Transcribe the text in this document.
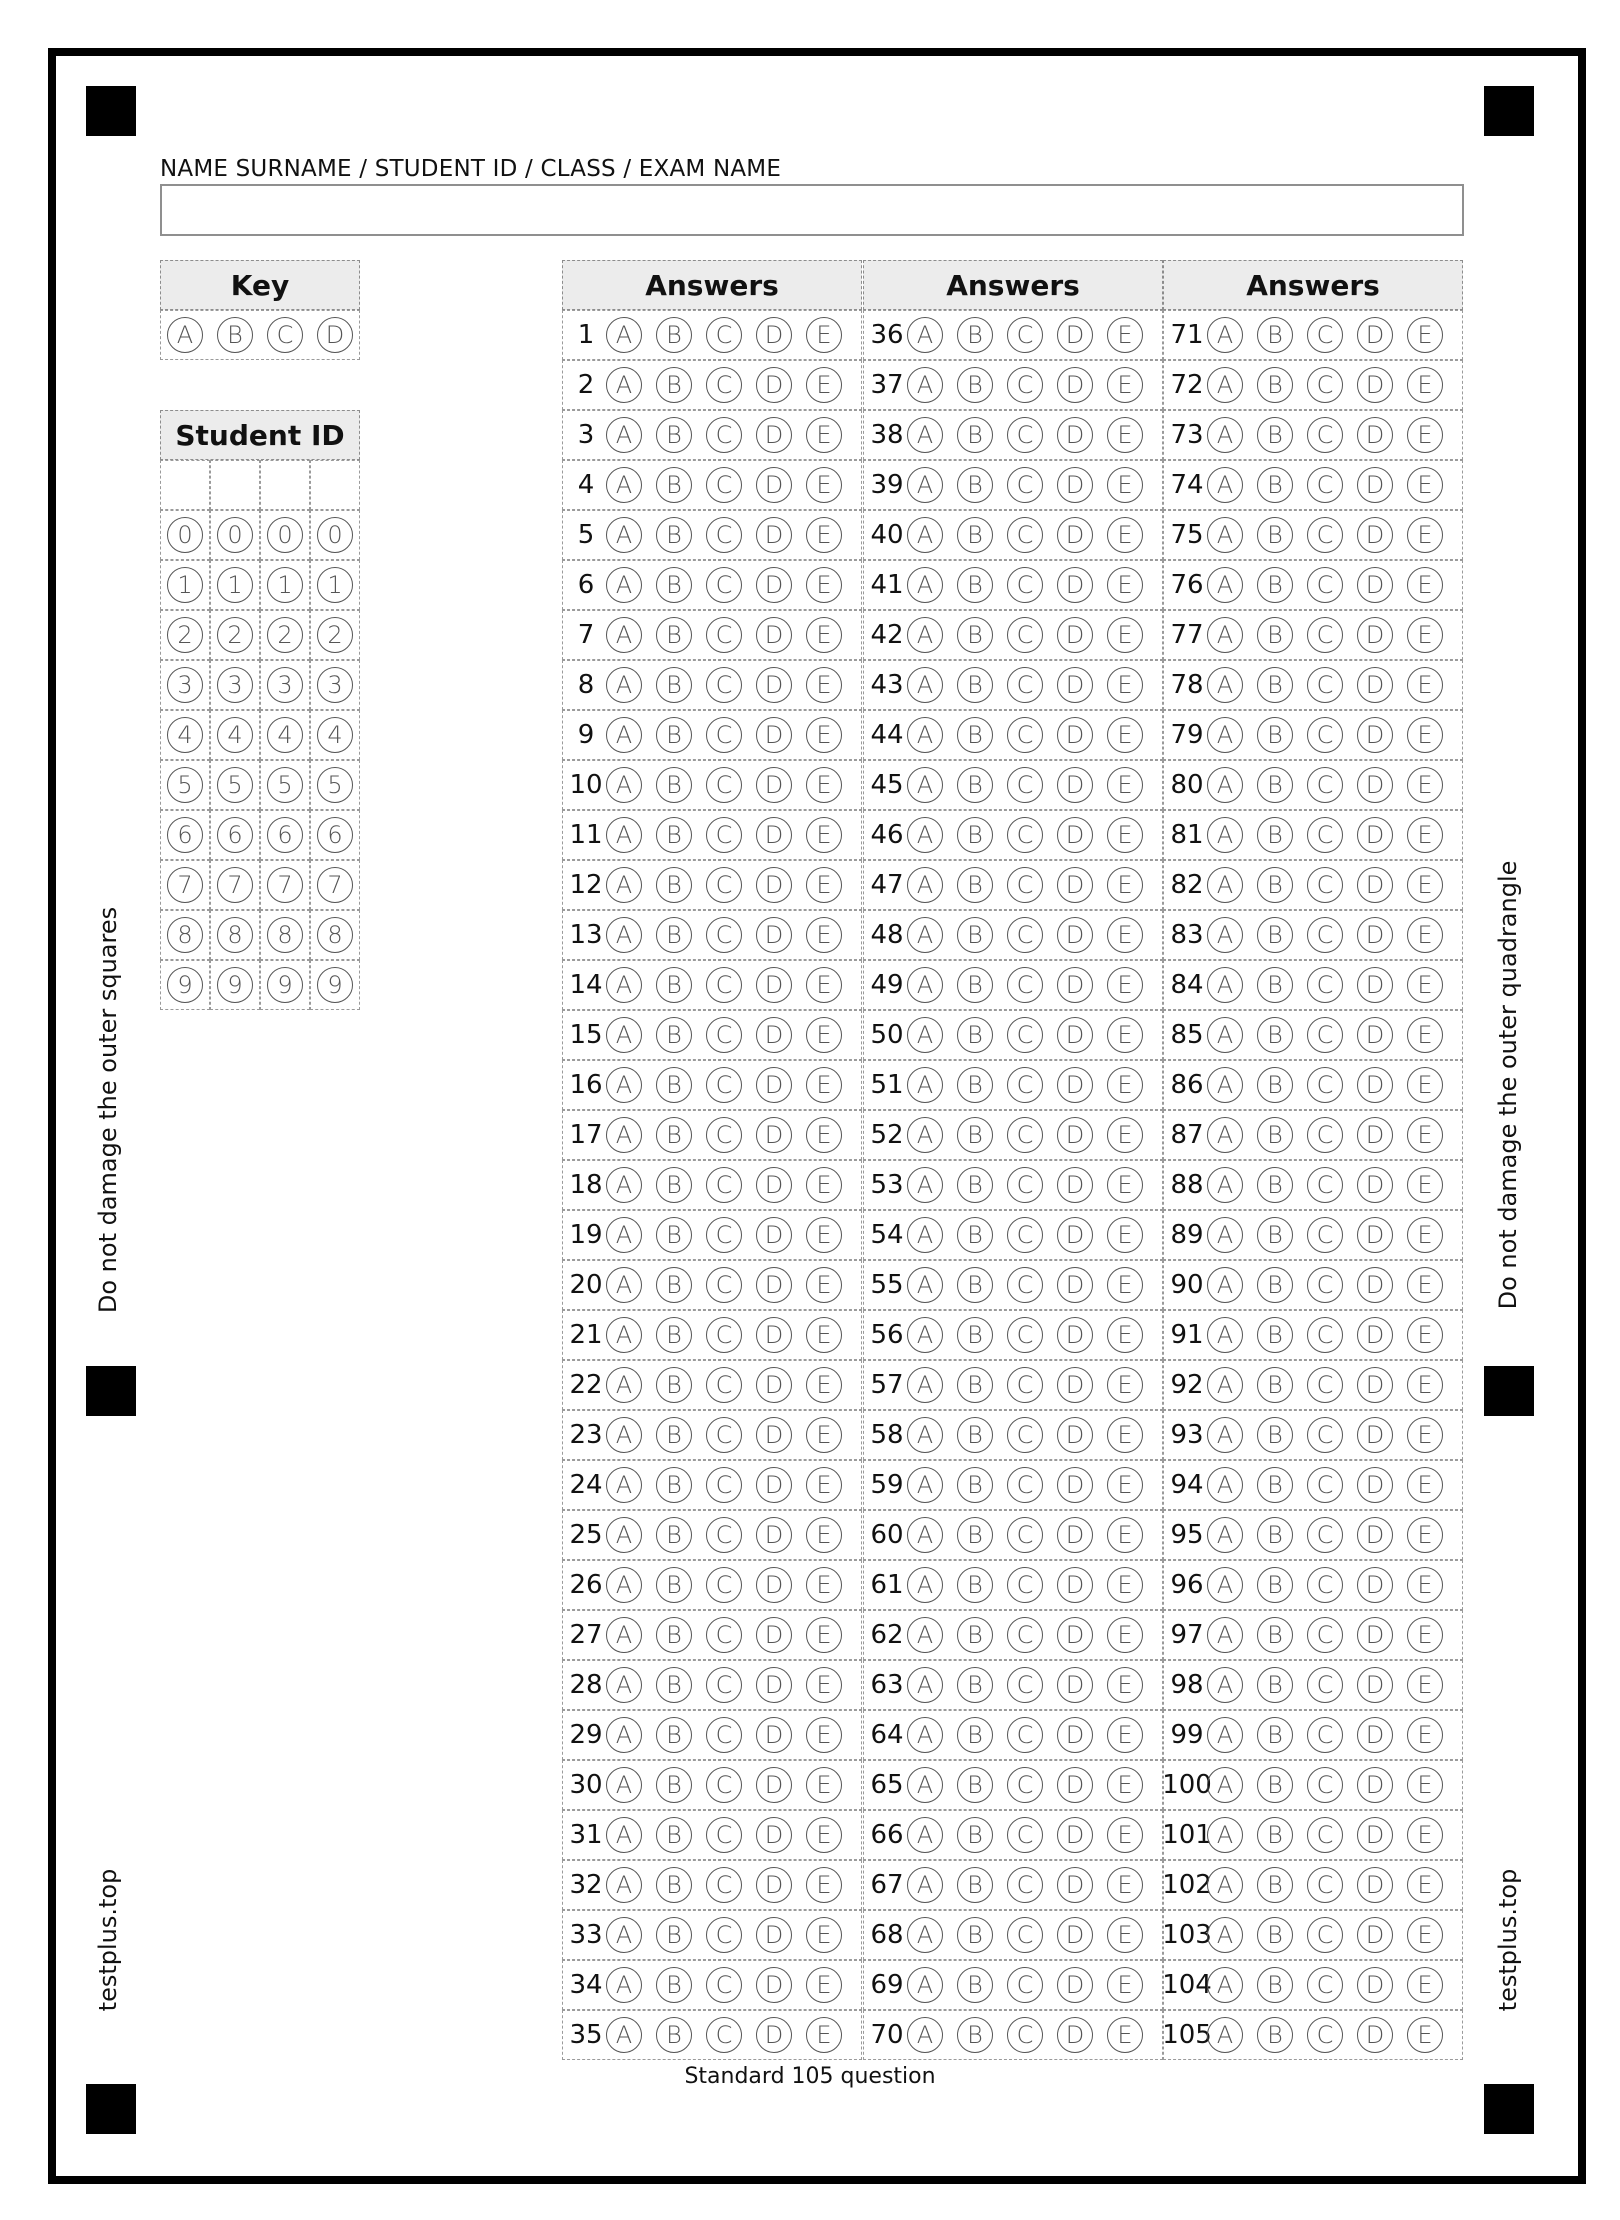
Do not damage the outer squares	Do not damage the outer quadrangle
testplus.top	testplus.top
NAME SURNAME / STUDENT ID / CLASS / EXAM NAME
Key
A	B	C	D
Student ID
0	0	0	0
1	1	1	1
2	2	2	2
3	3	3	3
4	4	4	4
5	5	5	5
6	6	6	6
7	7	7	7
8	8	8	8
9	9	9	9
Answers
1 A	B	C	D	E
2 A	B	C	D	E
3 A	B	C	D	E
4 A	B	C	D	E
5 A	B	C	D	E
6 A	B	C	D	E
7 A	B	C	D	E
8 A	B	C	D	E
9 A	B	C	D	E
10 A	B	C	D	E
11 A	B	C	D	E
12 A	B	C	D	E
13 A	B	C	D	E
14 A	B	C	D	E
15 A	B	C	D	E
16 A	B	C	D	E
17 A	B	C	D	E
18 A	B	C	D	E
19 A	B	C	D	E
20 A	B	C	D	E
21 A	B	C	D	E
22 A	B	C	D	E
23 A	B	C	D	E
24 A	B	C	D	E
25 A	B	C	D	E
26 A	B	C	D	E
27 A	B	C	D	E
28 A	B	C	D	E
29 A	B	C	D	E
30 A	B	C	D	E
31 A	B	C	D	E
32 A	B	C	D	E
33 A	B	C	D	E
34 A	B	C	D	E
35 A	B	C	D	E
Answers
36 A	B	C	D	E
37 A	B	C	D	E
38 A	B	C	D	E
39 A	B	C	D	E
40 A	B	C	D	E
41 A	B	C	D	E
42 A	B	C	D	E
43 A	B	C	D	E
44 A	B	C	D	E
45 A	B	C	D	E
46 A	B	C	D	E
47 A	B	C	D	E
48 A	B	C	D	E
49 A	B	C	D	E
50 A	B	C	D	E
51 A	B	C	D	E
52 A	B	C	D	E
53 A	B	C	D	E
54 A	B	C	D	E
55 A	B	C	D	E
56 A	B	C	D	E
57 A	B	C	D	E
58 A	B	C	D	E
59 A	B	C	D	E
60 A	B	C	D	E
61 A	B	C	D	E
62 A	B	C	D	E
63 A	B	C	D	E
64 A	B	C	D	E
65 A	B	C	D	E
66 A	B	C	D	E
67 A	B	C	D	E
68 A	B	C	D	E
69 A	B	C	D	E
70 A	B	C	D	E
Answers
71 A	B	C	D	E
72 A	B	C	D	E
73 A	B	C	D	E
74 A	B	C	D	E
75 A	B	C	D	E
76 A	B	C	D	E
77 A	B	C	D	E
78 A	B	C	D	E
79 A	B	C	D	E
80 A	B	C	D	E
81 A	B	C	D	E
82 A	B	C	D	E
83 A	B	C	D	E
84 A	B	C	D	E
85 A	B	C	D	E
86 A	B	C	D	E
87 A	B	C	D	E
88 A	B	C	D	E
89 A	B	C	D	E
90 A	B	C	D	E
91 A	B	C	D	E
92 A	B	C	D	E
93 A	B	C	D	E
94 A	B	C	D	E
95 A	B	C	D	E
96 A	B	C	D	E
97 A	B	C	D	E
98 A	B	C	D	E
99 A	B	C	D	E
100 A	B	C	D	E
101 A	B	C	D	E
102 A	B	C	D	E
103 A	B	C	D	E
104 A	B	C	D	E
105 A	B	C	D	E
Standard 105 question
